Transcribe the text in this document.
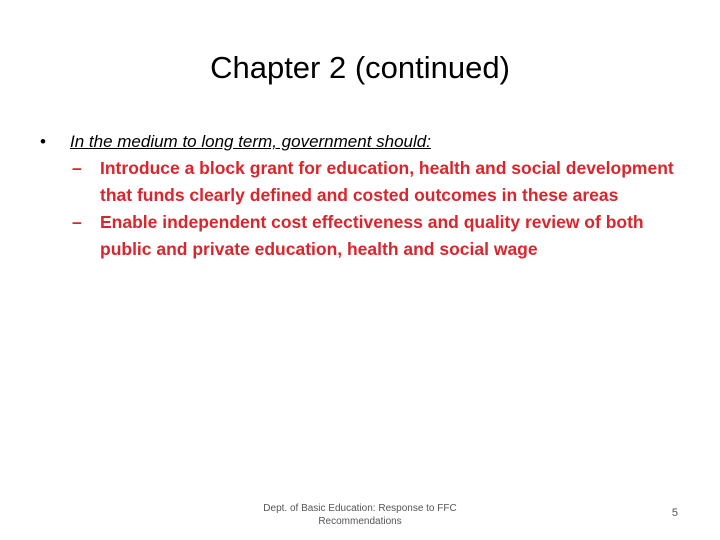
Chapter 2 (continued)
• In the medium to long term, government should:
– Introduce a block grant for education, health and social development that funds clearly defined and costed outcomes in these areas
– Enable independent cost effectiveness and quality review of both public and private education, health and social wage
Dept. of Basic Education: Response to FFC
Recommendations
5
